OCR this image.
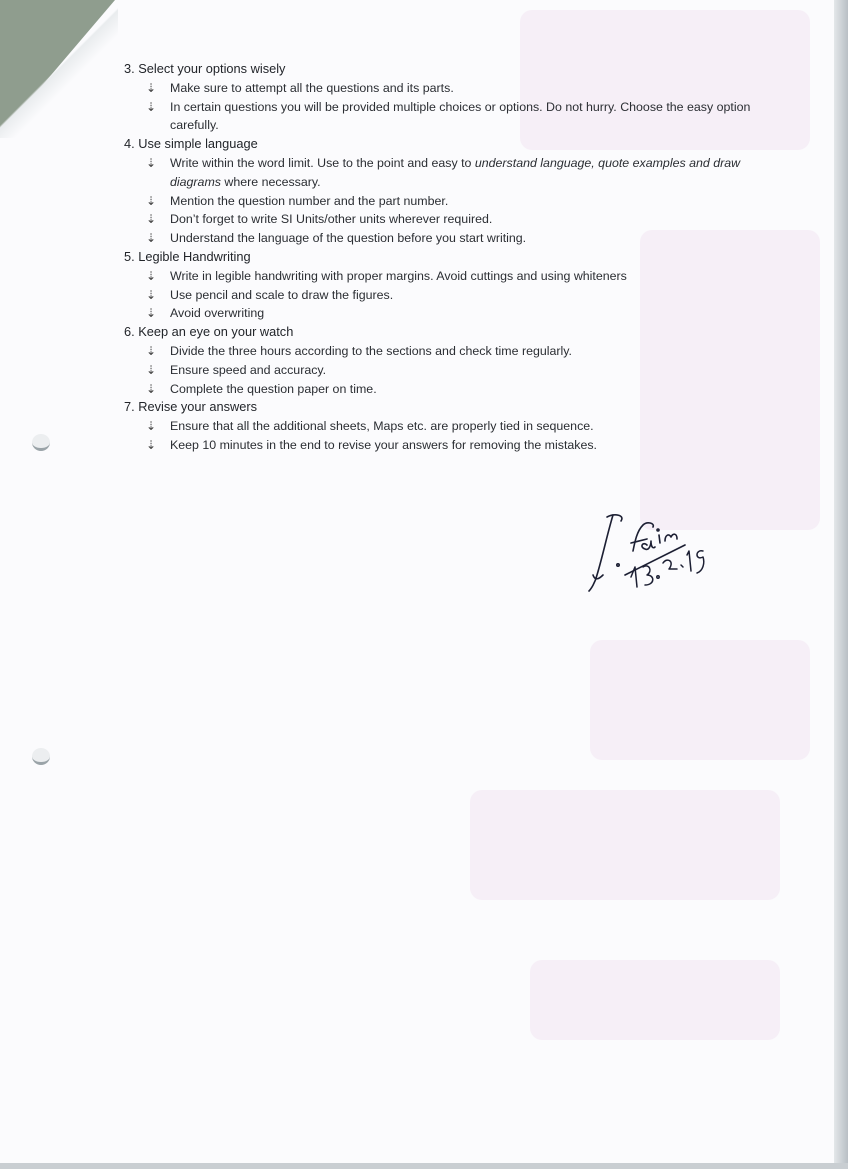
3. Select your options wisely
⇣ Make sure to attempt all the questions and its parts.
⇣ In certain questions you will be provided multiple choices or options. Do not hurry. Choose the easy option carefully.
4. Use simple language
⇣ Write within the word limit. Use to the point and easy to understand language, quote examples and draw diagrams where necessary.
⇣ Mention the question number and the part number.
⇣ Don’t forget to write SI Units/other units wherever required.
⇣ Understand the language of the question before you start writing.
5. Legible Handwriting
⇣ Write in legible handwriting with proper margins. Avoid cuttings and using whiteners
⇣ Use pencil and scale to draw the figures.
⇣ Avoid overwriting
6. Keep an eye on your watch
⇣ Divide the three hours according to the sections and check time regularly.
⇣ Ensure speed and accuracy.
⇣ Complete the question paper on time.
7. Revise your answers
⇣ Ensure that all the additional sheets, Maps etc. are properly tied in sequence.
⇣ Keep 10 minutes in the end to revise your answers for removing the mistakes.
